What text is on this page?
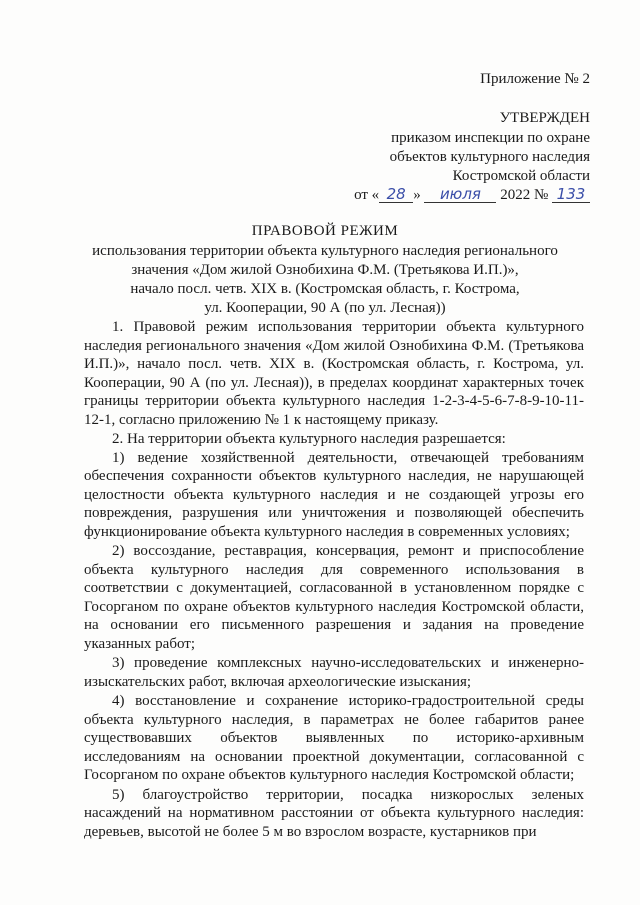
Приложение № 2
УТВЕРЖДЕН
приказом инспекции по охране
объектов культурного наследия
Костромской области
от « 28 » июля 2022 № 133
ПРАВОВОЙ РЕЖИМ
использования территории объекта культурного наследия регионального
значения «Дом жилой Ознобихина Ф.М. (Третьякова И.П.)»,
начало посл. четв. XIX в. (Костромская область, г. Кострома,
ул. Кооперации, 90 А (по ул. Лесная))

1. Правовой режим использования территории объекта культурного наследия регионального значения «Дом жилой Ознобихина Ф.М. (Третьякова И.П.)», начало посл. четв. XIX в. (Костромская область, г. Кострома, ул. Кооперации, 90 А (по ул. Лесная)), в пределах координат характерных точек границы территории объекта культурного наследия 1-2-3-4-5-6-7-8-9-10-11-12-1, согласно приложению № 1 к настоящему приказу.

2. На территории объекта культурного наследия разрешается:

1) ведение хозяйственной деятельности, отвечающей требованиям обеспечения сохранности объектов культурного наследия, не нарушающей целостности объекта культурного наследия и не создающей угрозы его повреждения, разрушения или уничтожения и позволяющей обеспечить функционирование объекта культурного наследия в современных условиях;

2) воссоздание, реставрация, консервация, ремонт и приспособление объекта культурного наследия для современного использования в соответствии с документацией, согласованной в установленном порядке с Госорганом по охране объектов культурного наследия Костромской области, на основании его письменного разрешения и задания на проведение указанных работ;

3) проведение комплексных научно-исследовательских и инженерно-изыскательских работ, включая археологические изыскания;

4) восстановление и сохранение историко-градостроительной среды объекта культурного наследия, в параметрах не более габаритов ранее существовавших объектов выявленных по историко-архивным исследованиям на основании проектной документации, согласованной с Госорганом по охране объектов культурного наследия Костромской области;

5) благоустройство территории, посадка низкорослых зеленых насаждений на нормативном расстоянии от объекта культурного наследия: деревьев, высотой не более 5 м во взрослом возрасте, кустарников при
